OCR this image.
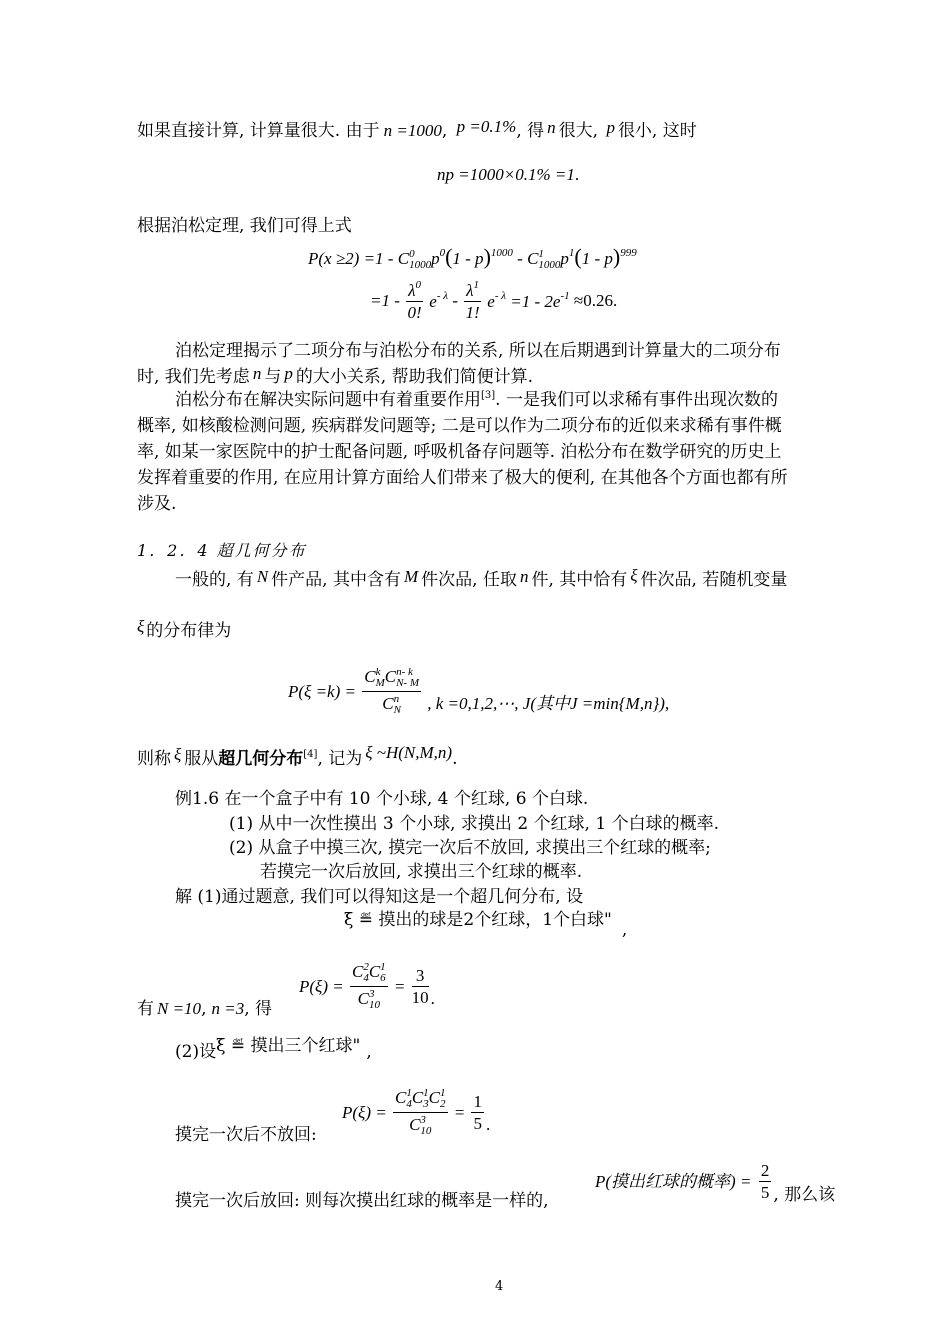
如果直接计算, 计算量很大. 由于 n =1000, p =0.1%, 得 n 很大, p 很小, 这时
np =1000×0.1% =1.
根据泊松定理, 我们可得上式
P(x ≥2) =1 - C 0
1000 $p^0(1 - p)^{1000}$ - C 1
1000 $p^1(1 - p)^{999}$
$=1 - \frac{\lambda^0}{0!} e^{- \lambda} - \frac{\lambda^1}{1!} e^{- \lambda} =1 - 2e^{-1} \approx 0.26$.
泊松定理揭示了二项分布与泊松分布的关系, 所以在后期遇到计算量大的二项分布
时, 我们先考虑 n 与 p 的大小关系, 帮助我们简便计算.
泊松分布在解决实际问题中有着重要作用[3]. 一是我们可以求稀有事件出现次数的
概率, 如核酸检测问题, 疾病群发问题等; 二是可以作为二项分布的近似来求稀有事件概
率, 如某一家医院中的护士配备问题, 呼吸机备存问题等. 泊松分布在数学研究的历史上
发挥着重要的作用, 在应用计算方面给人们带来了极大的便利, 在其他各个方面也都有所
涉及.
1．2．4 超几何分布
一般的, 有 N 件产品, 其中含有 M 件次品, 任取 n 件, 其中恰有 ξ 件次品, 若随机变量
ξ 的分布律为
P(ξ =k) = C k
M C n- k
N- M
C n
N , k =0,1,2,⋯, J(其中J =min{M,n}),
则称 ξ 服从超几何分布[4], 记为 ξ ~H(N,M,n).
例1.6 在一个盒子中有 10 个小球, 4 个红球, 6 个白球.
(1) 从中一次性摸出 3 个小球, 求摸出 2 个红球, 1 个白球的概率.
(2) 从盒子中摸三次, 摸完一次后不放回, 求摸出三个红球的概率;
若摸完一次后放回, 求摸出三个红球的概率.
解 (1)通过题意, 我们可以得知这是一个超几何分布, 设
ξ ≝ 摸出的球是2个红球，1个白球" ,
有 N =10, n =3, 得
P(ξ) = C 2
4 C 1
6
C 3
$10 = \frac{3}{10}$ .
(2)设ξ ≝ 摸出三个红球" ,
P(ξ) = C 1
4 C 1
3 C 1
2
C 3
$10 = \frac{1}{5}$ .
摸完一次后不放回:
摸完一次后放回: 则每次摸出红球的概率是一样的,
P(摸出红球的概率) = $\frac{2}{5}$ , 那么该
4
